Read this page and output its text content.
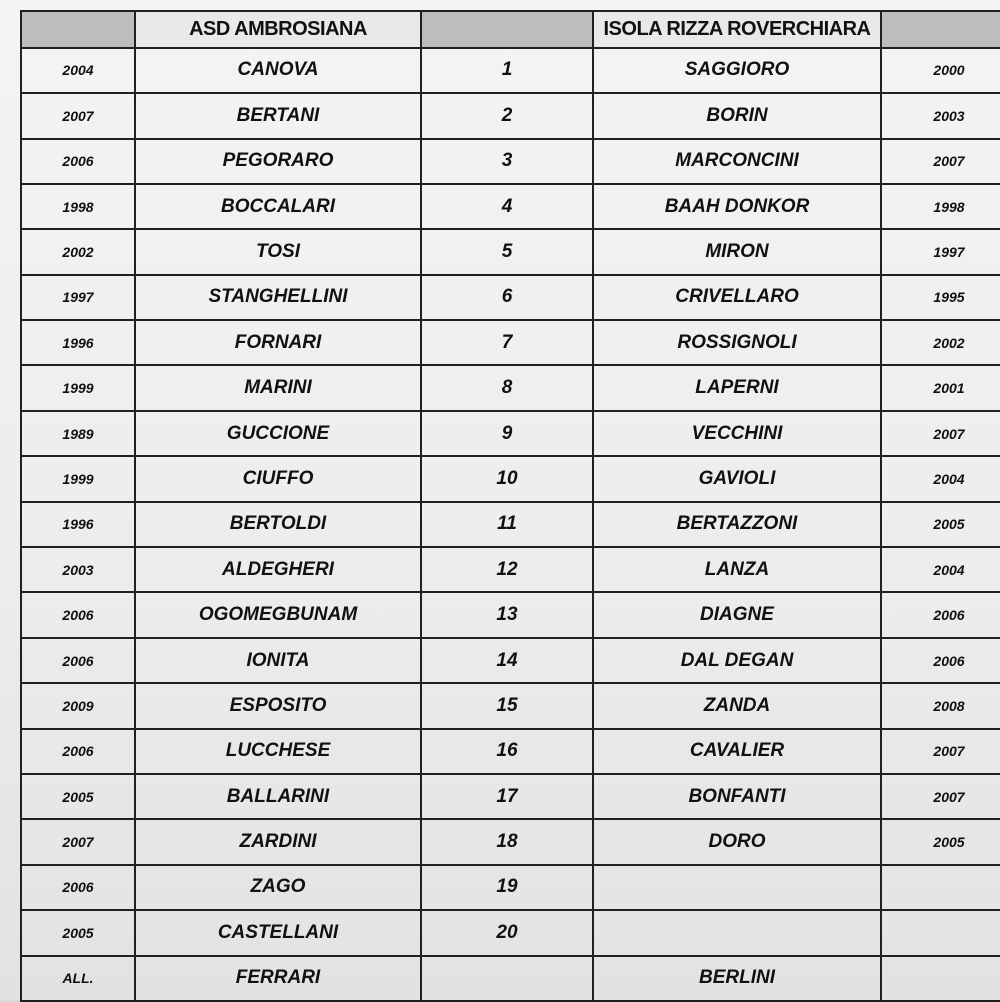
	ASD AMBROSIANA		ISOLA RIZZA ROVERCHIARA	
2004	CANOVA	1	SAGGIORO	2000
2007	BERTANI	2	BORIN	2003
2006	PEGORARO	3	MARCONCINI	2007
1998	BOCCALARI	4	BAAH DONKOR	1998
2002	TOSI	5	MIRON	1997
1997	STANGHELLINI	6	CRIVELLARO	1995
1996	FORNARI	7	ROSSIGNOLI	2002
1999	MARINI	8	LAPERNI	2001
1989	GUCCIONE	9	VECCHINI	2007
1999	CIUFFO	10	GAVIOLI	2004
1996	BERTOLDI	11	BERTAZZONI	2005
2003	ALDEGHERI	12	LANZA	2004
2006	OGOMEGBUNAM	13	DIAGNE	2006
2006	IONITA	14	DAL DEGAN	2006
2009	ESPOSITO	15	ZANDA	2008
2006	LUCCHESE	16	CAVALIER	2007
2005	BALLARINI	17	BONFANTI	2007
2007	ZARDINI	18	DORO	2005
2006	ZAGO	19		
2005	CASTELLANI	20		
ALL.	FERRARI		BERLINI	
